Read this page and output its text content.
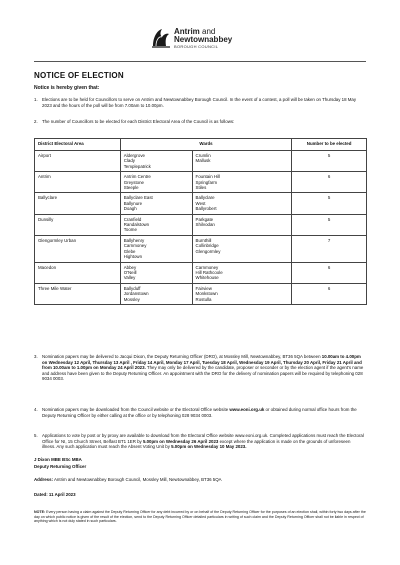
Antrim and
Newtownabbey
BOROUGH COUNCIL
NOTICE OF ELECTION
Notice is hereby given that:
1. Elections are to be held for Councillors to serve on Antrim and Newtownabbey Borough Council. In the event of a contest, a poll will be taken on Thursday 18 May 2023 and the hours of the poll will be from 7.00am to 10.00pm.
2. The number of Councillors to be elected for each District Electoral Area of the Council is as follows:
District Electoral Area	Wards		Number to be elected
Airport	Aldergrove
Clady
Templepatrick	Crumlin
Mallusk	5
Antrim	Antrim Centre
Greystone
Steeple	Fountain Hill
Springfarm
Stiles	6
Ballyclare	Ballyclare East
Ballynure
Doagh	Ballyclare
West
Ballyrobert	5
Dunsilly	Cranfield
Randalstown
Toome	Parkgate
Shilvodan	5
Glengormley Urban	Ballyhenry
Carnmoney
Glebe
Hightown	Burnthill
Collinbridge
Glengormley	7
Macedon	Abbey
O'Neill
Valley	Carnmoney
Hill Rathcoole
Whitehouse	6
Three Mile Water	Ballyduff
Jordanstown
Mossley	Fairview
Monkstown
Rostulla	6
3. Nomination papers may be delivered to Jacqui Dixon, the Deputy Returning Officer (DRO), at Mossley Mill, Newtownabbey, BT36 5QA between 10.00am to 4.00pm on Wednesday 12 April, Thursday 13 April , Friday 14 April, Monday 17 April, Tuesday 18 April, Wednesday 19 April, Thursday 20 April, Friday 21 April and from 10.00am to 1.00pm on Monday 24 April 2023. They may only be delivered by the candidate, proposer or seconder or by the election agent if the agent's name and address have been given to the Deputy Returning Officer. An appointment with the DRO for the delivery of nomination papers will be required by telephoning 028 9034 0003.
4. Nomination papers may be downloaded from the Council website or the Electoral Office website www.eoni.org.uk or obtained during normal office hours from the Deputy Returning Officer by either calling at the office or by telephoning 028 9034 0003.
5. Applications to vote by post or by proxy are available to download from the Electoral Office website www.eoni.org.uk. Completed applications must reach the Electoral Office for NI, 15 Church Street, Belfast BT1 1ER by 5.00pm on Wednesday 26 April 2023 except where the application is made on the grounds of unforeseen illness. Any such application must reach the Absent Voting Unit by 5.00pm on Wednesday 10 May 2023.
J Dixon MBE BSc MBA
Deputy Returning Officer
Address: Antrim and Newtownabbey Borough Council, Mossley Mill, Newtownabbey, BT36 5QA
Dated: 11 April 2023
NOTE: Every person having a claim against the Deputy Returning Officer for any debt incurred by or on behalf of the Deputy Returning Officer for the purposes of an election shall, within forty two days after the day on which public notice is given of the result of the election, send to the Deputy Returning Officer detailed particulars in writing of such claim and the Deputy Returning Officer shall not be liable in respect of anything which is not duly stated in such particulars.
